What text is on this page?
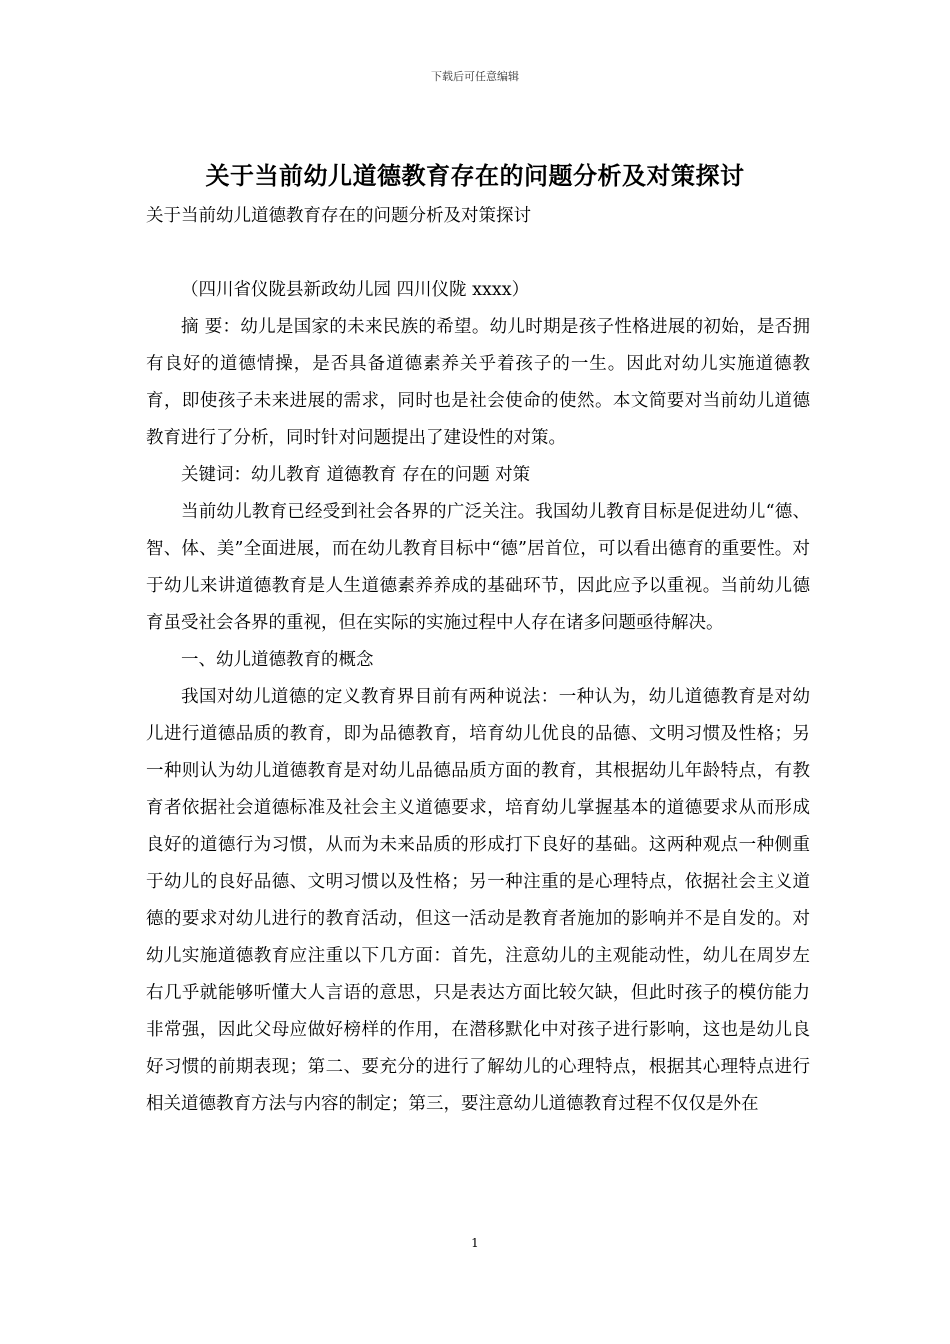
下载后可任意编辑
关于当前幼儿道德教育存在的问题分析及对策探讨
关于当前幼儿道德教育存在的问题分析及对策探讨

（四川省仪陇县新政幼儿园 四川仪陇 xxxx）

摘 要：幼儿是国家的未来民族的希望。幼儿时期是孩子性格进展的初始，是否拥有良好的道德情操，是否具备道德素养关乎着孩子的一生。因此对幼儿实施道德教育，即使孩子未来进展的需求，同时也是社会使命的使然。本文简要对当前幼儿道德教育进行了分析，同时针对问题提出了建设性的对策。

关键词：幼儿教育 道德教育 存在的问题 对策

当前幼儿教育已经受到社会各界的广泛关注。我国幼儿教育目标是促进幼儿“德、智、体、美”全面进展，而在幼儿教育目标中“德”居首位，可以看出德育的重要性。对于幼儿来讲道德教育是人生道德素养养成的基础环节，因此应予以重视。当前幼儿德育虽受社会各界的重视，但在实际的实施过程中人存在诸多问题亟待解决。

一、幼儿道德教育的概念

我国对幼儿道德的定义教育界目前有两种说法：一种认为，幼儿道德教育是对幼儿进行道德品质的教育，即为品德教育，培育幼儿优良的品德、文明习惯及性格；另一种则认为幼儿道德教育是对幼儿品德品质方面的教育，其根据幼儿年龄特点，有教育者依据社会道德标准及社会主义道德要求，培育幼儿掌握基本的道德要求从而形成良好的道德行为习惯，从而为未来品质的形成打下良好的基础。这两种观点一种侧重于幼儿的良好品德、文明习惯以及性格；另一种注重的是心理特点，依据社会主义道德的要求对幼儿进行的教育活动，但这一活动是教育者施加的影响并不是自发的。对幼儿实施道德教育应注重以下几方面：首先，注意幼儿的主观能动性，幼儿在周岁左右几乎就能够听懂大人言语的意思，只是表达方面比较欠缺，但此时孩子的模仿能力非常强，因此父母应做好榜样的作用，在潜移默化中对孩子进行影响，这也是幼儿良好习惯的前期表现；第二、要充分的进行了解幼儿的心理特点，根据其心理特点进行相关道德教育方法与内容的制定；第三，要注意幼儿道德教育过程不仅仅是外在

1
